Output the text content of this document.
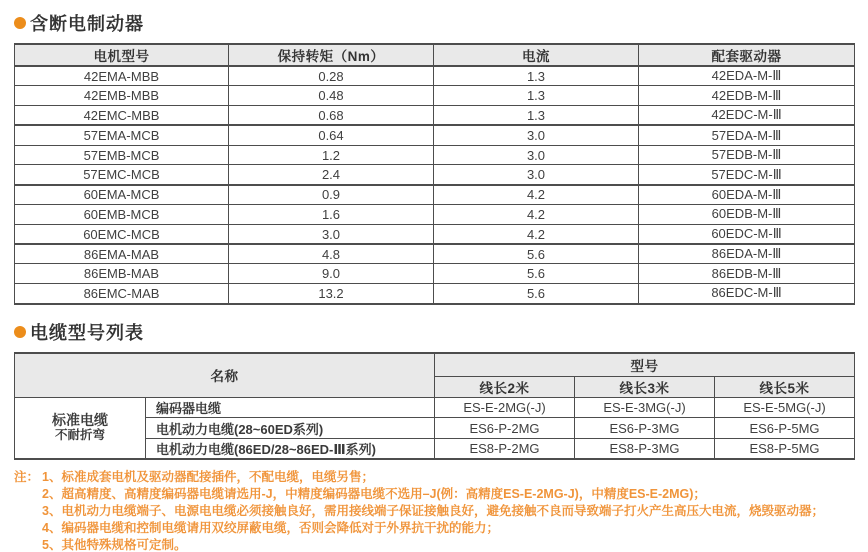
含断电制动器
电机型号	保持转矩（Nm）	电流	配套驱动器
42EMA-MBB	0.28	1.3	42EDA-M-Ⅲ
42EMB-MBB	0.48	1.3	42EDB-M-Ⅲ
42EMC-MBB	0.68	1.3	42EDC-M-Ⅲ
57EMA-MCB	0.64	3.0	57EDA-M-Ⅲ
57EMB-MCB	1.2	3.0	57EDB-M-Ⅲ
57EMC-MCB	2.4	3.0	57EDC-M-Ⅲ
60EMA-MCB	0.9	4.2	60EDA-M-Ⅲ
60EMB-MCB	1.6	4.2	60EDB-M-Ⅲ
60EMC-MCB	3.0	4.2	60EDC-M-Ⅲ
86EMA-MAB	4.8	5.6	86EDA-M-Ⅲ
86EMB-MAB	9.0	5.6	86EDB-M-Ⅲ
86EMC-MAB	13.2	5.6	86EDC-M-Ⅲ
电缆型号列表
名称		型号		
		线长2米	线长3米	线长5米

标准电缆
不耐折弯	编码器电缆	ES-E-2MG(-J)	ES-E-3MG(-J)	ES-E-5MG(-J)
	电机动力电缆(28~60ED系列)	ES6-P-2MG	ES6-P-3MG	ES6-P-5MG
	电机动力电缆(86ED/28~86ED-Ⅲ系列)	ES8-P-2MG	ES8-P-3MG	ES8-P-5MG
注： 1、标准成套电机及驱动器配接插件，不配电缆，电缆另售；
2、超高精度、高精度编码器电缆请选用-J，中精度编码器电缆不选用–J(例：高精度ES-E-2MG-J)，中精度ES-E-2MG)；
3、电机动力电缆端子、电源电电缆必须接触良好，需用接线端子保证接触良好，避免接触不良而导致端子打火产生高压大电流，烧毁驱动器；
4、编码器电缆和控制电缆请用双绞屏蔽电缆，否则会降低对于外界抗干扰的能力；
5、其他特殊规格可定制。
